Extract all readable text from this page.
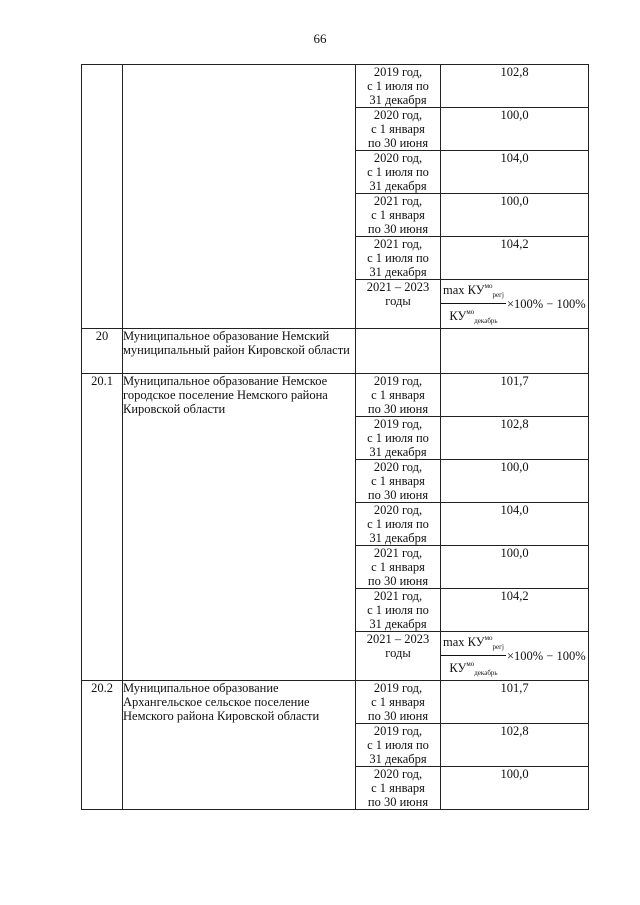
66

		2019 год,
с 1 июля по
31 декабря	102,8

		2020 год,
с 1 января
по 30 июня	100,0

		2020 год,
с 1 июля по
31 декабря	104,0

		2021 год,
с 1 января
по 30 июня	100,0

		2021 год,
с 1 июля по
31 декабря	104,2

		2021 – 2023
годы	$\frac{\max КУ^{мо}_{регj}}{КУ^{мо}_{декабрь}} \times 100\% - 100\%$

20	Муниципальное образование Немский муниципальный район Кировской области		
20.1	Муниципальное образование Немское городское поселение Немского района Кировской области	2019 год,
с 1 января
по 30 июня	101,7

		2019 год,
с 1 июля по
31 декабря	102,8

		2020 год,
с 1 января
по 30 июня	100,0

		2020 год,
с 1 июля по
31 декабря	104,0

		2021 год,
с 1 января
по 30 июня	100,0

		2021 год,
с 1 июля по
31 декабря	104,2

		2021 – 2023
годы	$\frac{\max КУ^{мо}_{регj}}{КУ^{мо}_{декабрь}} \times 100\% - 100\%$

20.2	Муниципальное образование Архангельское сельское поселение Немского района Кировской области	2019 год,
с 1 января
по 30 июня	101,7

		2019 год,
с 1 июля по
31 декабря	102,8

		2020 год,
с 1 января
по 30 июня	100,0
